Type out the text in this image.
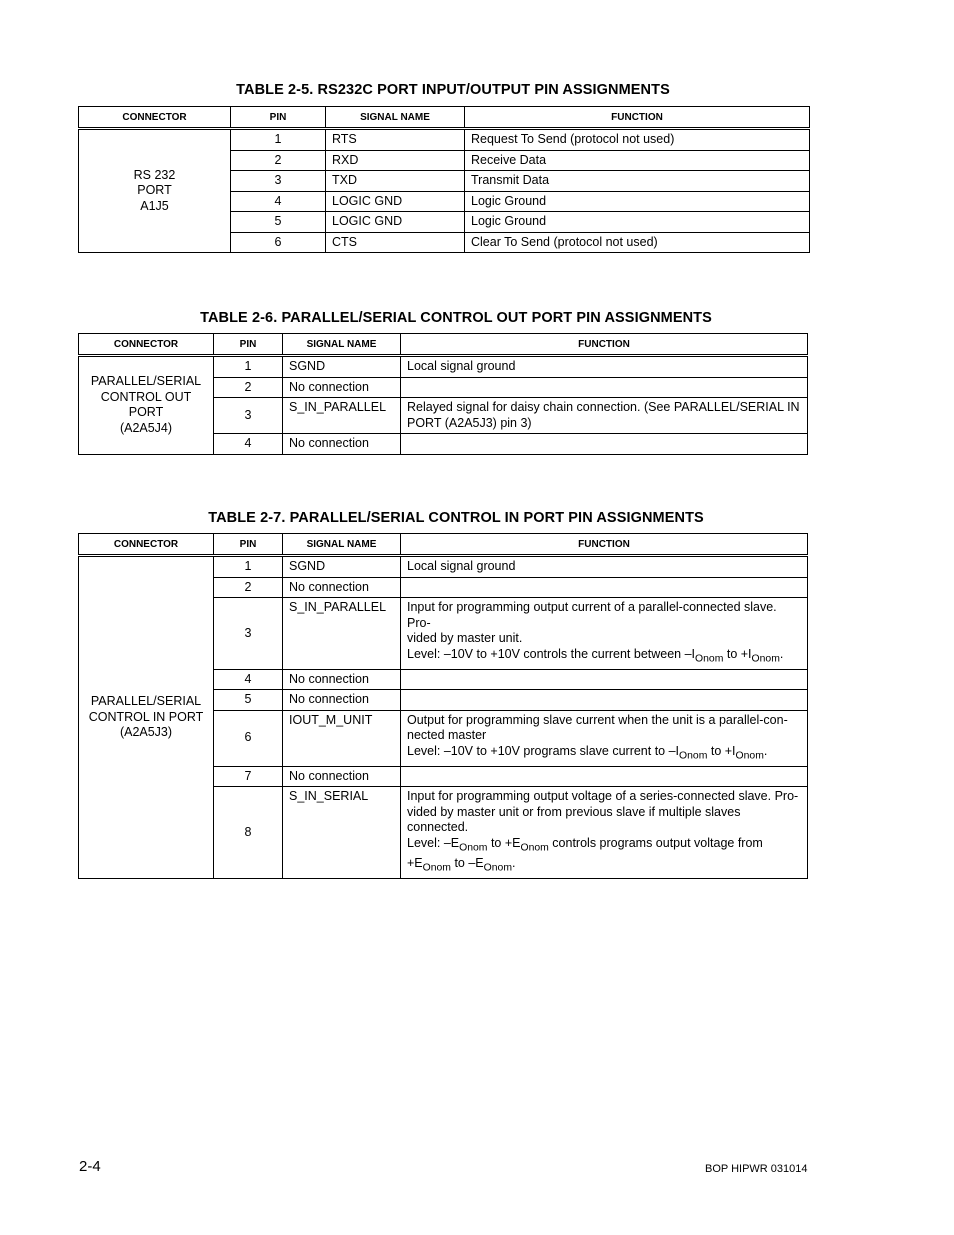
TABLE 2-5. RS232C PORT INPUT/OUTPUT PIN ASSIGNMENTS
CONNECTOR	PIN	SIGNAL NAME	FUNCTION

RS 232
PORT
A1J5	1	RTS	Request To Send (protocol not used)
	2	RXD	Receive Data
	3	TXD	Transmit Data
	4	LOGIC GND	Logic Ground
	5	LOGIC GND	Logic Ground
	6	CTS	Clear To Send (protocol not used)
TABLE 2-6. PARALLEL/SERIAL CONTROL OUT PORT PIN ASSIGNMENTS
CONNECTOR	PIN	SIGNAL NAME	FUNCTION

PARALLEL/SERIAL
CONTROL OUT
PORT
(A2A5J4)	1	SGND	Local signal ground
	2	No connection	
	3	S_IN_PARALLEL	Relayed signal for daisy chain connection. (See PARALLEL/SERIAL IN PORT (A2A5J3) pin 3)
	4	No connection	
TABLE 2-7. PARALLEL/SERIAL CONTROL IN PORT PIN ASSIGNMENTS
CONNECTOR	PIN	SIGNAL NAME	FUNCTION

PARALLEL/SERIAL
CONTROL IN PORT
(A2A5J3)	1	SGND	Local signal ground
	2	No connection	
	3	S_IN_PARALLEL	Input for programming output current of a parallel-connected slave. Pro-
vided by master unit.
Level: –10V to +10V controls the current between $-I_{Onom}$ to $+I_{Onom}$.

	4	No connection	
	5	No connection	
	6	IOUT_M_UNIT	Output for programming slave current when the unit is a parallel-con-
nected master
Level: –10V to +10V programs slave current to $-I_{Onom}$ to $+I_{Onom}$.

	7	No connection	
	8	S_IN_SERIAL	Input for programming output voltage of a series-connected slave. Pro-
vided by master unit or from previous slave if multiple slaves connected.
Level: $-E_{Onom}$ to $+E_{Onom}$ controls programs output voltage from
$+E_{Onom}$ to $-E_{Onom}$.
2-4	BOP HIPWR 031014
